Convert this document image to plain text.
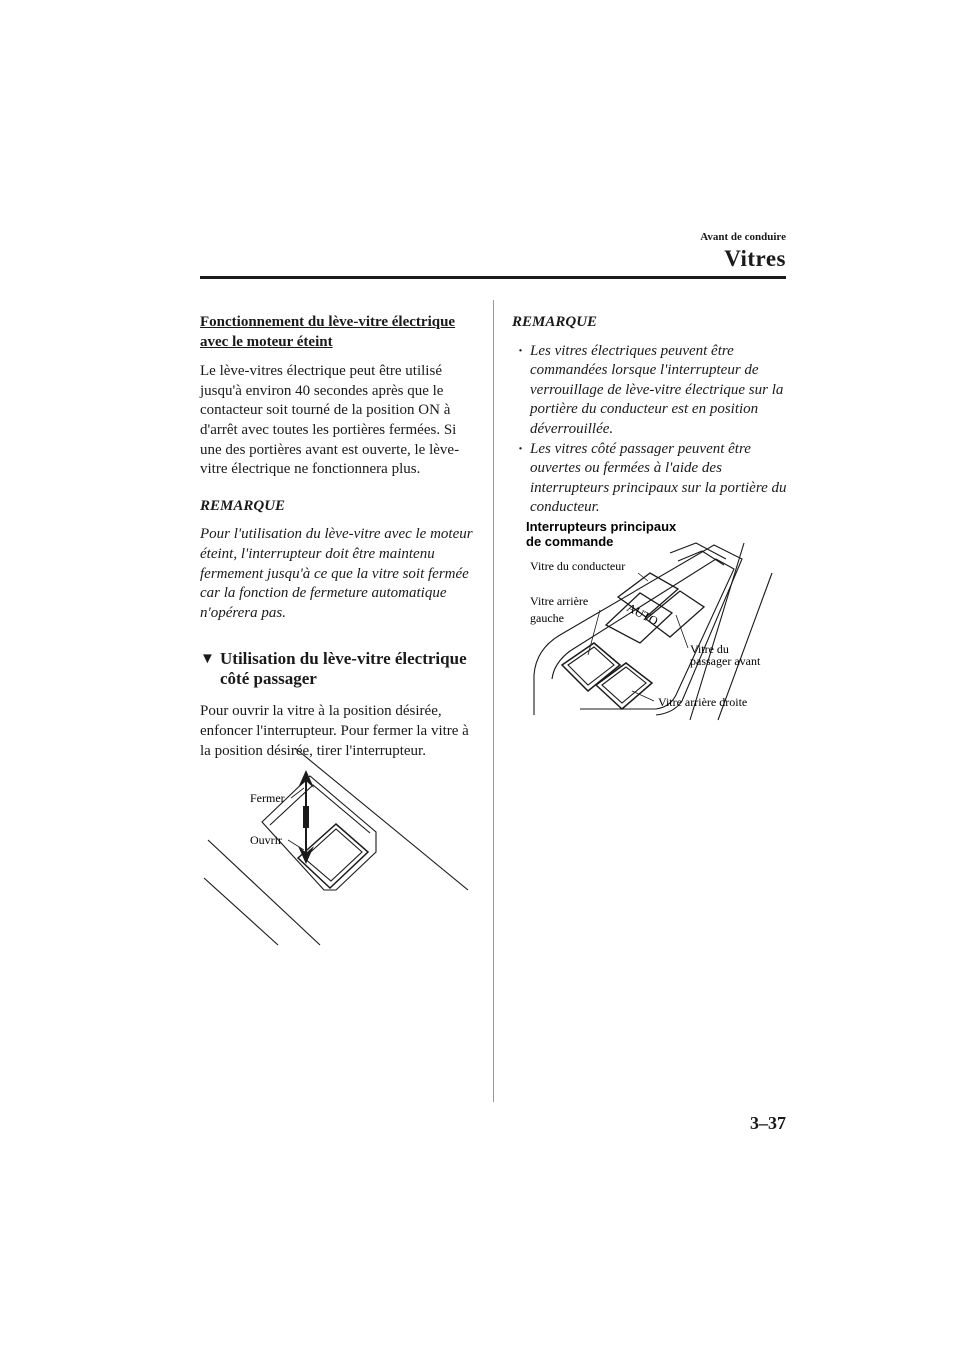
Avant de conduire
Vitres

Fonctionnement du lève-vitre électrique avec le moteur éteint

Le lève-vitres électrique peut être utilisé jusqu'à environ 40 secondes après que le contacteur soit tourné de la position ON à d'arrêt avec toutes les portières fermées. Si une des portières avant est ouverte, le lève-vitre électrique ne fonctionnera plus.

REMARQUE

Pour l'utilisation du lève-vitre avec le moteur éteint, l'interrupteur doit être maintenu fermement jusqu'à ce que la vitre soit fermée car la fonction de fermeture automatique n'opérera pas.

▼ Utilisation du lève-vitre électrique côté passager

Pour ouvrir la vitre à la position désirée, enfoncer l'interrupteur. Pour fermer la vitre à la position désirée, tirer l'interrupteur.

Fermer
Ouvrir

REMARQUE

· Les vitres électriques peuvent être commandées lorsque l'interrupteur de verrouillage de lève-vitre électrique sur la portière du conducteur est en position déverrouillée.
· Les vitres côté passager peuvent être ouvertes ou fermées à l'aide des interrupteurs principaux sur la portière du conducteur.
Interrupteurs principaux
de commande
AUTO
Vitre du conducteur
Vitre arrière
gauche
Vitre du
passager avant
Vitre arrière droite
3–37
